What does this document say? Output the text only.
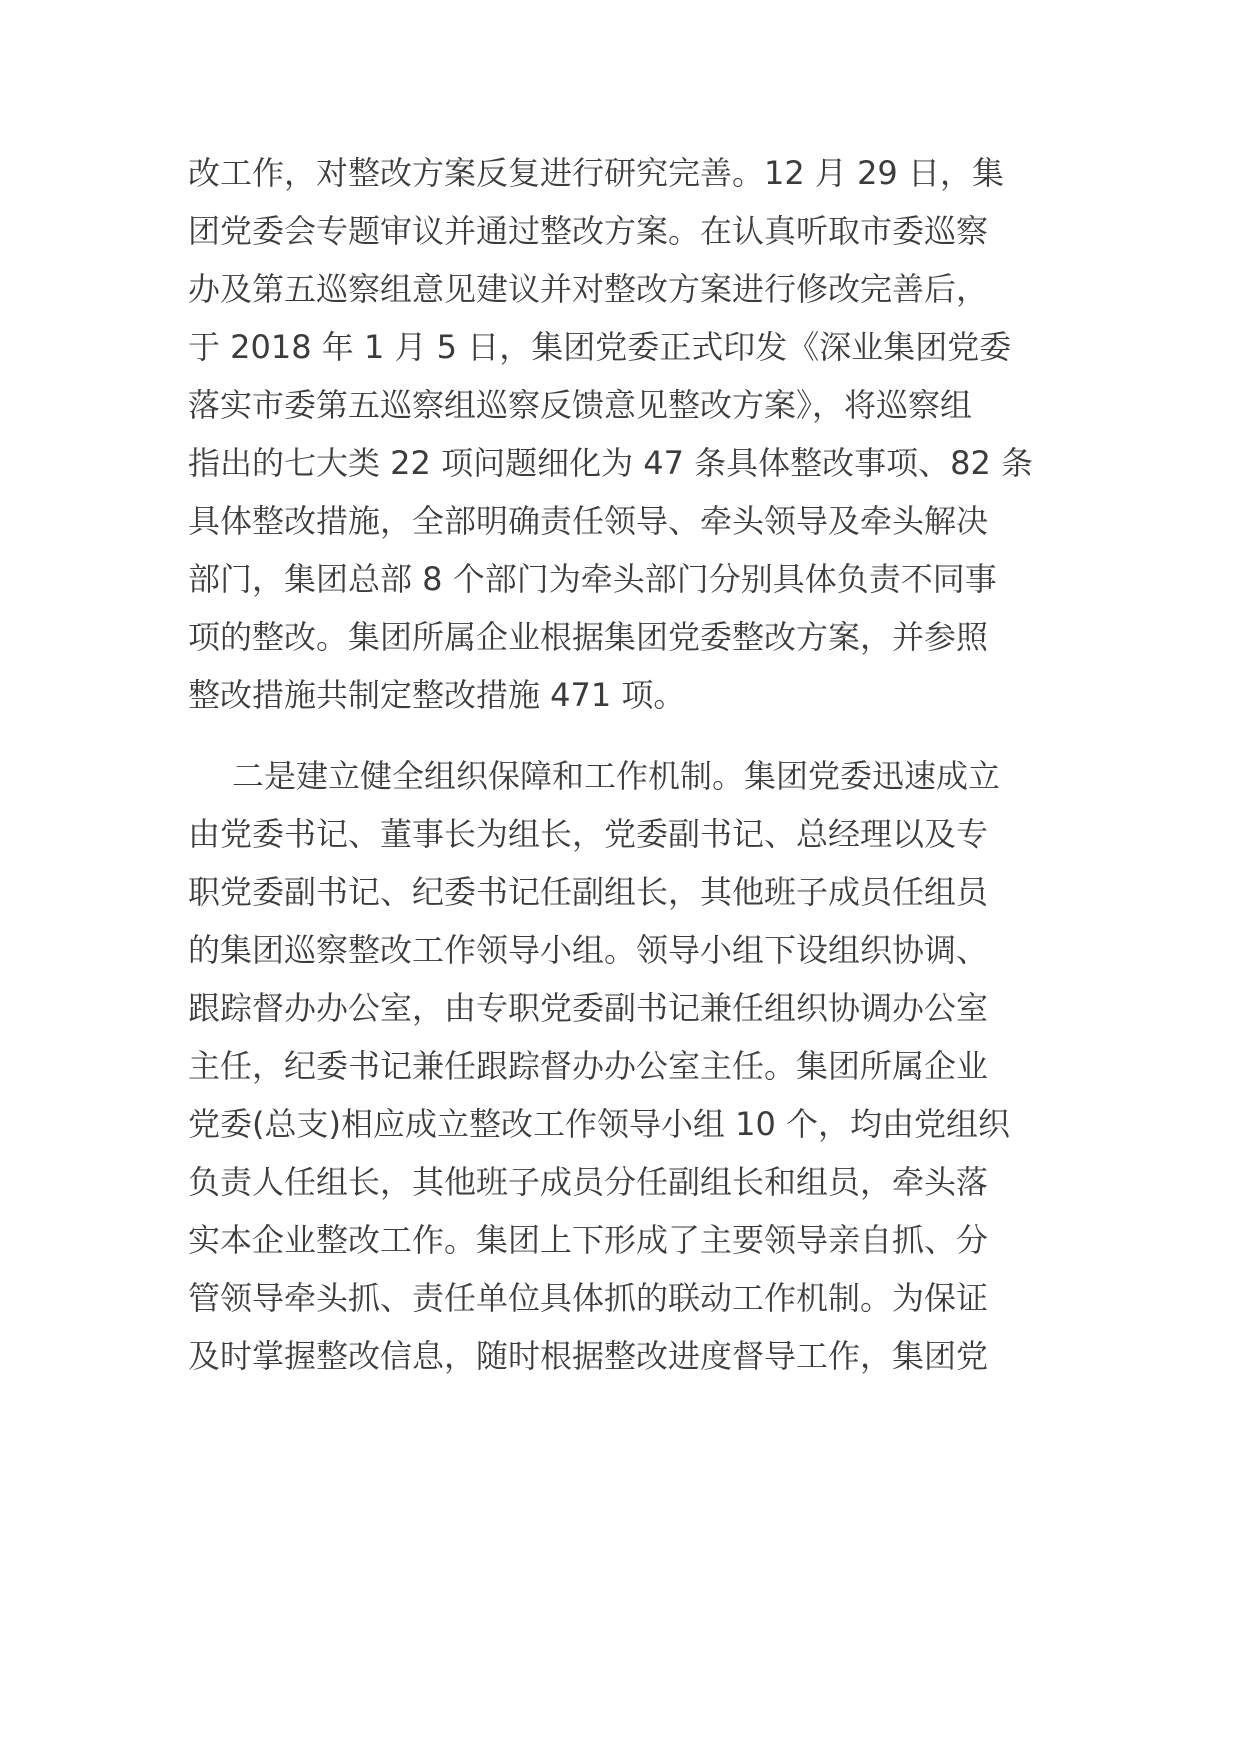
改工作，对整改方案反复进行研究完善。12 月 29 日，集
团党委会专题审议并通过整改方案。在认真听取市委巡察
办及第五巡察组意见建议并对整改方案进行修改完善后，
于 2018 年 1 月 5 日，集团党委正式印发《深业集团党委
落实市委第五巡察组巡察反馈意见整改方案》，将巡察组
指出的七大类 22 项问题细化为 47 条具体整改事项、82 条
具体整改措施，全部明确责任领导、牵头领导及牵头解决
部门，集团总部 8 个部门为牵头部门分别具体负责不同事
项的整改。集团所属企业根据集团党委整改方案，并参照
整改措施共制定整改措施 471 项。
二是建立健全组织保障和工作机制。集团党委迅速成立
由党委书记、董事长为组长，党委副书记、总经理以及专
职党委副书记、纪委书记任副组长，其他班子成员任组员
的集团巡察整改工作领导小组。领导小组下设组织协调、
跟踪督办办公室，由专职党委副书记兼任组织协调办公室
主任，纪委书记兼任跟踪督办办公室主任。集团所属企业
党委(总支)相应成立整改工作领导小组 10 个，均由党组织
负责人任组长，其他班子成员分任副组长和组员，牵头落
实本企业整改工作。集团上下形成了主要领导亲自抓、分
管领导牵头抓、责任单位具体抓的联动工作机制。为保证
及时掌握整改信息，随时根据整改进度督导工作，集团党
